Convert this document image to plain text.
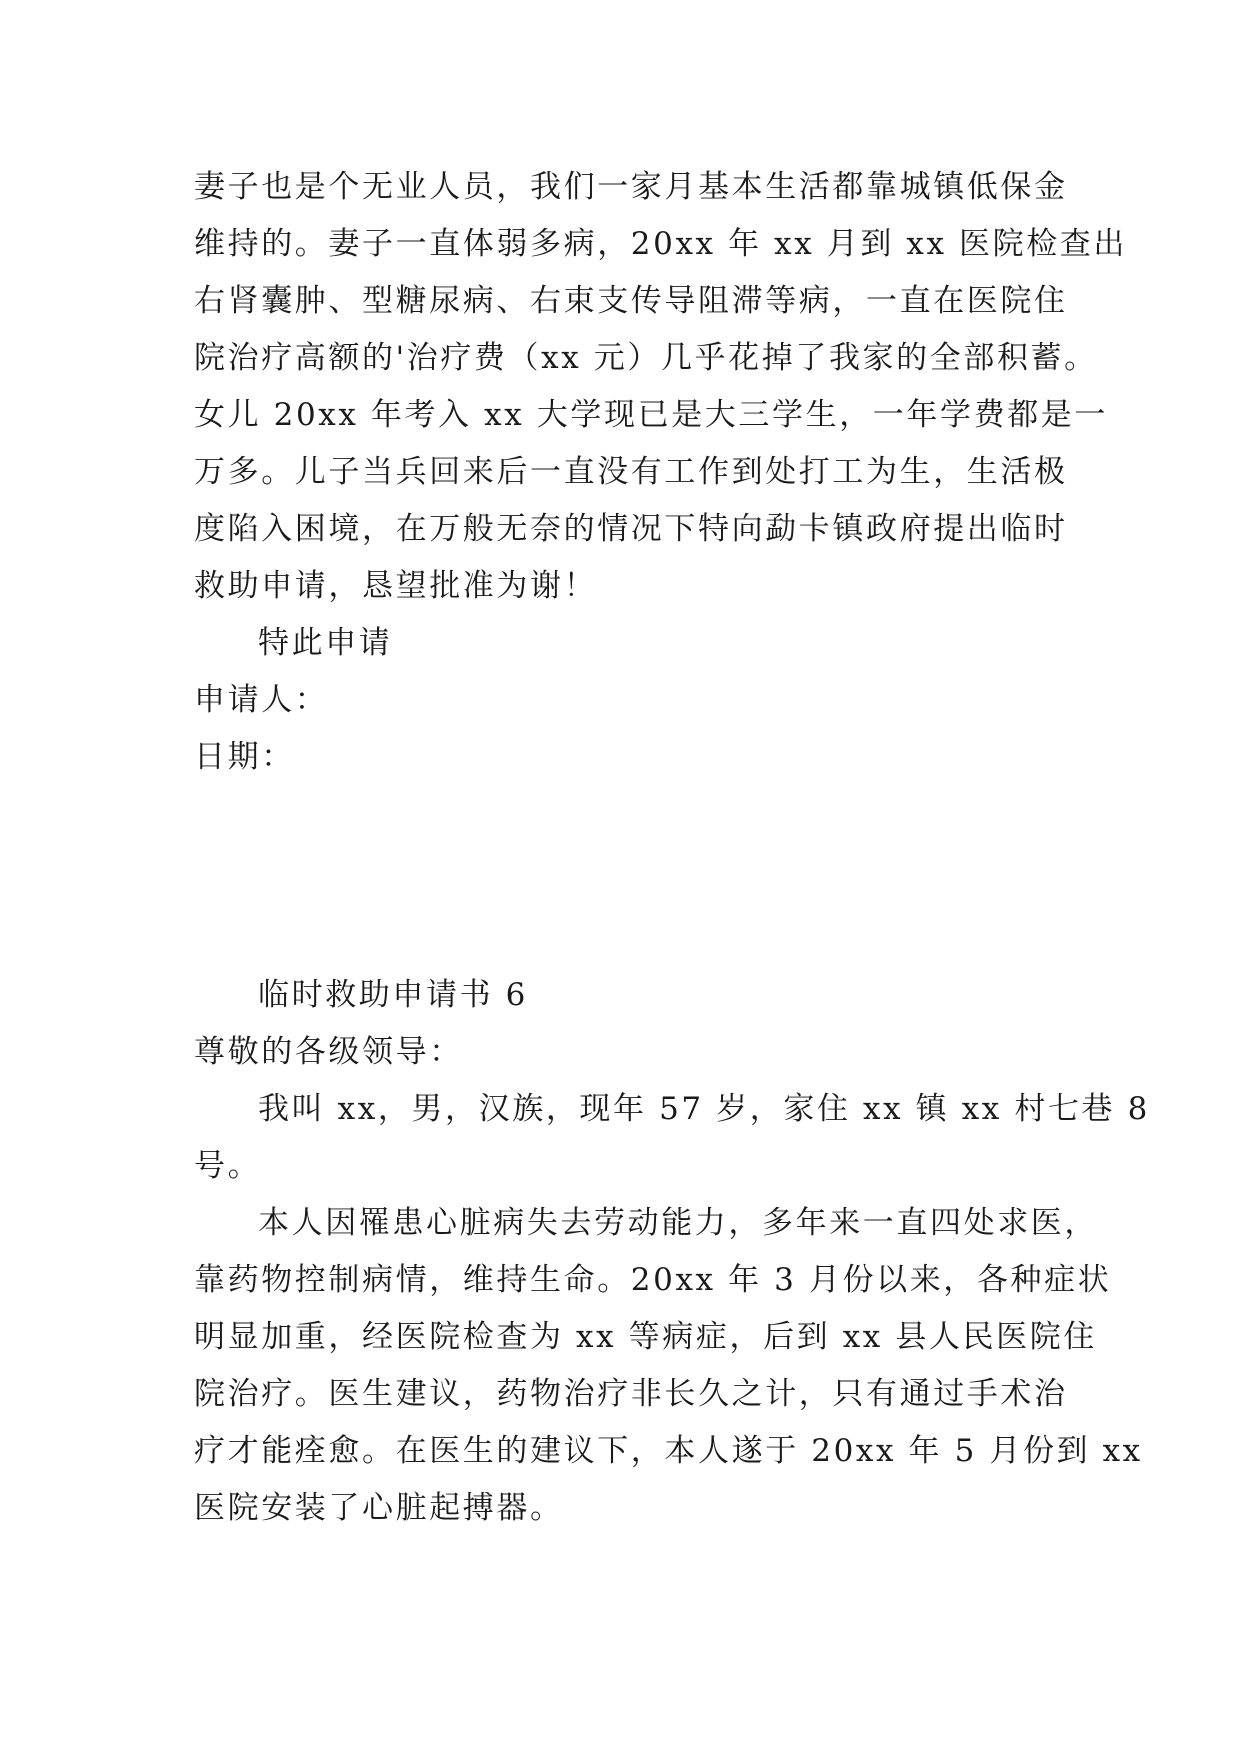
妻子也是个无业人员，我们一家月基本生活都靠城镇低保金
维持的。妻子一直体弱多病，20xx 年 xx 月到 xx 医院检查出
右肾囊肿、型糖尿病、右束支传导阻滞等病，一直在医院住
院治疗高额的'治疗费（xx 元）几乎花掉了我家的全部积蓄。
女儿 20xx 年考入 xx 大学现已是大三学生，一年学费都是一
万多。儿子当兵回来后一直没有工作到处打工为生，生活极
度陷入困境，在万般无奈的情况下特向勐卡镇政府提出临时
救助申请，恳望批准为谢！
特此申请
申请人：
日期：
临时救助申请书 6
尊敬的各级领导：
我叫 xx，男，汉族，现年 57 岁，家住 xx 镇 xx 村七巷 8
号。
本人因罹患心脏病失去劳动能力，多年来一直四处求医，
靠药物控制病情，维持生命。20xx 年 3 月份以来，各种症状
明显加重，经医院检查为 xx 等病症，后到 xx 县人民医院住
院治疗。医生建议，药物治疗非长久之计，只有通过手术治
疗才能痊愈。在医生的建议下，本人遂于 20xx 年 5 月份到 xx
医院安装了心脏起搏器。
